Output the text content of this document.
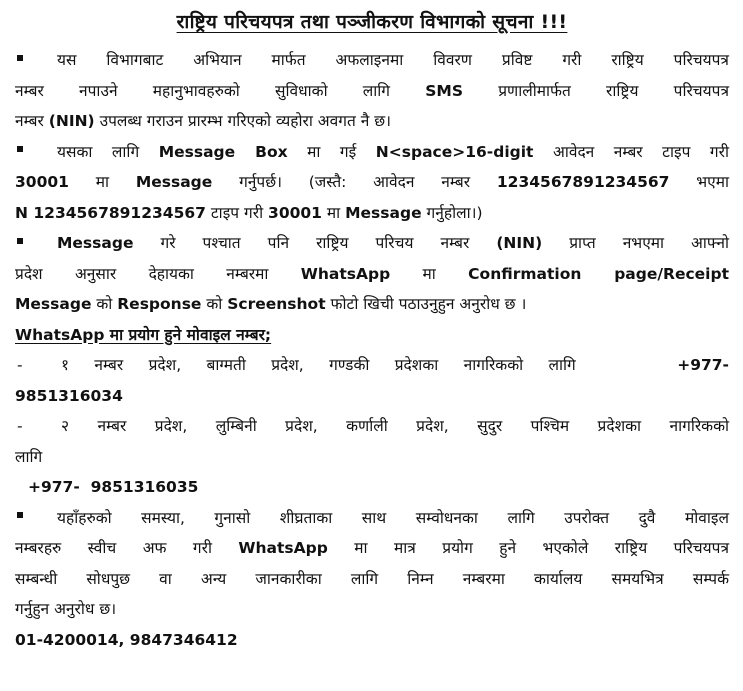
राष्ट्रिय परिचयपत्र तथा पञ्जीकरण विभागको सूचना !!!

यस विभागबाट अभियान मार्फत अफलाइनमा विवरण प्रविष्ट गरी राष्ट्रिय परिचयपत्र

नम्बर नपाउने महानुभावहरुको सुविधाको लागि SMS प्रणालीमार्फत राष्ट्रिय परिचयपत्र

नम्बर (NIN) उपलब्ध गराउन प्रारम्भ गरिएको व्यहोरा अवगत नै छ।

यसका लागि Message Box मा गई N<space>16-digit आवेदन नम्बर टाइप गरी

30001 मा Message गर्नुपर्छ। (जस्तै: आवेदन नम्बर 1234567891234567 भएमा

N 1234567891234567 टाइप गरी 30001 मा Message गर्नुहोला।)

Message गरे पश्चात पनि राष्ट्रिय परिचय नम्बर (NIN) प्राप्त नभएमा आफ्नो

प्रदेश अनुसार देहायका नम्बरमा WhatsApp मा Confirmation page/Receipt

Message को Response को Screenshot फोटो खिची पठाउनुहुन अनुरोध छ ।

WhatsApp मा प्रयोग हुने मोवाइल नम्बर;

- १ नम्बर प्रदेश, बाग्मती प्रदेश, गण्डकी प्रदेशका नागरिकको लागि	+977-

9851316034

- २ नम्बर प्रदेश, लुम्बिनी प्रदेश, कर्णाली प्रदेश, सुदुर पश्चिम प्रदेशका नागरिकको

लागि

+977-  9851316035

यहाँहरुको समस्या, गुनासो शीघ्रताका साथ सम्वोधनका लागि उपरोक्त दुवै मोवाइल

नम्बरहरु स्वीच अफ गरी WhatsApp मा मात्र प्रयोग हुने भएकोले राष्ट्रिय परिचयपत्र

सम्बन्धी सोधपुछ वा अन्य जानकारीका लागि निम्न नम्बरमा कार्यालय समयभित्र सम्पर्क

गर्नुहुन अनुरोध छ।

01-4200014, 9847346412
